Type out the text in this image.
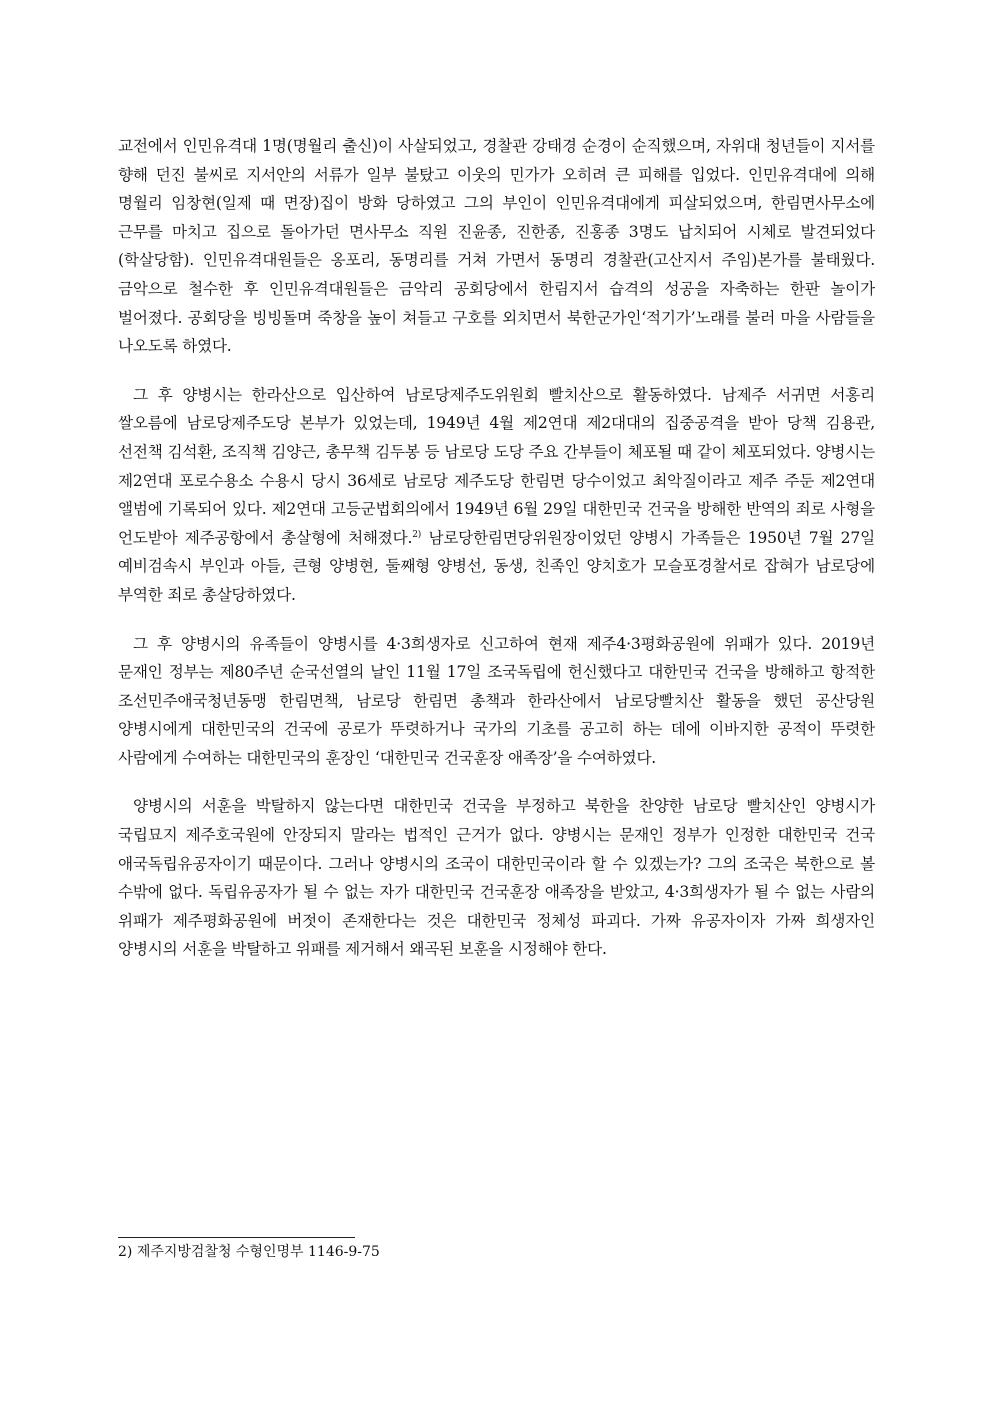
교전에서 인민유격대 1명(명월리 출신)이 사살되었고, 경찰관 강태경 순경이 순직했으며, 자위대 청년들이 지서를 향해 던진 불씨로 지서안의 서류가 일부 불탔고 이웃의 민가가 오히려 큰 피해를 입었다. 인민유격대에 의해 명월리 임창현(일제 때 면장)집이 방화 당하였고 그의 부인이 인민유격대에게 피살되었으며, 한림면사무소에 근무를 마치고 집으로 돌아가던 면사무소 직원 진윤종, 진한종, 진홍종 3명도 납치되어 시체로 발견되었다(학살당함). 인민유격대원들은 옹포리, 동명리를 거쳐 가면서 동명리 경찰관(고산지서 주임)본가를 불태웠다. 금악으로 철수한 후 인민유격대원들은 금악리 공회당에서 한림지서 습격의 성공을 자축하는 한판 놀이가 벌어졌다. 공회당을 빙빙돌며 죽창을 높이 쳐들고 구호를 외치면서 북한군가인‘적기가’노래를 불러 마을 사람들을 나오도록 하였다.

그 후 양병시는 한라산으로 입산하여 남로당제주도위원회 빨치산으로 활동하였다. 남제주 서귀면 서홍리 쌀오름에 남로당제주도당 본부가 있었는데, 1949년 4월 제2연대 제2대대의 집중공격을 받아 당책 김용관, 선전책 김석환, 조직책 김양근, 총무책 김두봉 등 남로당 도당 주요 간부들이 체포될 때 같이 체포되었다. 양병시는 제2연대 포로수용소 수용시 당시 36세로 남로당 제주도당 한림면 당수이었고 최악질이라고 제주 주둔 제2연대 앨범에 기록되어 있다. 제2연대 고등군법회의에서 1949년 6월 29일 대한민국 건국을 방해한 반역의 죄로 사형을 언도받아 제주공항에서 총살형에 처해졌다.$^{2)}$ 남로당한림면당위원장이었던 양병시 가족들은 1950년 7월 27일 예비검속시 부인과 아들, 큰형 양병현, 둘째형 양병선, 동생, 친족인 양치호가 모슬포경찰서로 잡혀가 남로당에 부역한 죄로 총살당하였다.

그 후 양병시의 유족들이 양병시를 4·3희생자로 신고하여 현재 제주4·3평화공원에 위패가 있다. 2019년 문재인 정부는 제80주년 순국선열의 날인 11월 17일 조국독립에 헌신했다고 대한민국 건국을 방해하고 항적한 조선민주애국청년동맹 한림면책, 남로당 한림면 총책과 한라산에서 남로당빨치산 활동을 했던 공산당원 양병시에게 대한민국의 건국에 공로가 뚜렷하거나 국가의 기초를 공고히 하는 데에 이바지한 공적이 뚜렷한 사람에게 수여하는 대한민국의 훈장인 ‘대한민국 건국훈장 애족장’을 수여하였다.

양병시의 서훈을 박탈하지 않는다면 대한민국 건국을 부정하고 북한을 찬양한 남로당 빨치산인 양병시가 국립묘지 제주호국원에 안장되지 말라는 법적인 근거가 없다. 양병시는 문재인 정부가 인정한 대한민국 건국 애국독립유공자이기 때문이다. 그러나 양병시의 조국이 대한민국이라 할 수 있겠는가? 그의 조국은 북한으로 볼 수밖에 없다. 독립유공자가 될 수 없는 자가 대한민국 건국훈장 애족장을 받았고, 4·3희생자가 될 수 없는 사람의 위패가 제주평화공원에 버젓이 존재한다는 것은 대한민국 정체성 파괴다. 가짜 유공자이자 가짜 희생자인 양병시의 서훈을 박탈하고 위패를 제거해서 왜곡된 보훈을 시정해야 한다.

2) 제주지방검찰청 수형인명부 1146-9-75
